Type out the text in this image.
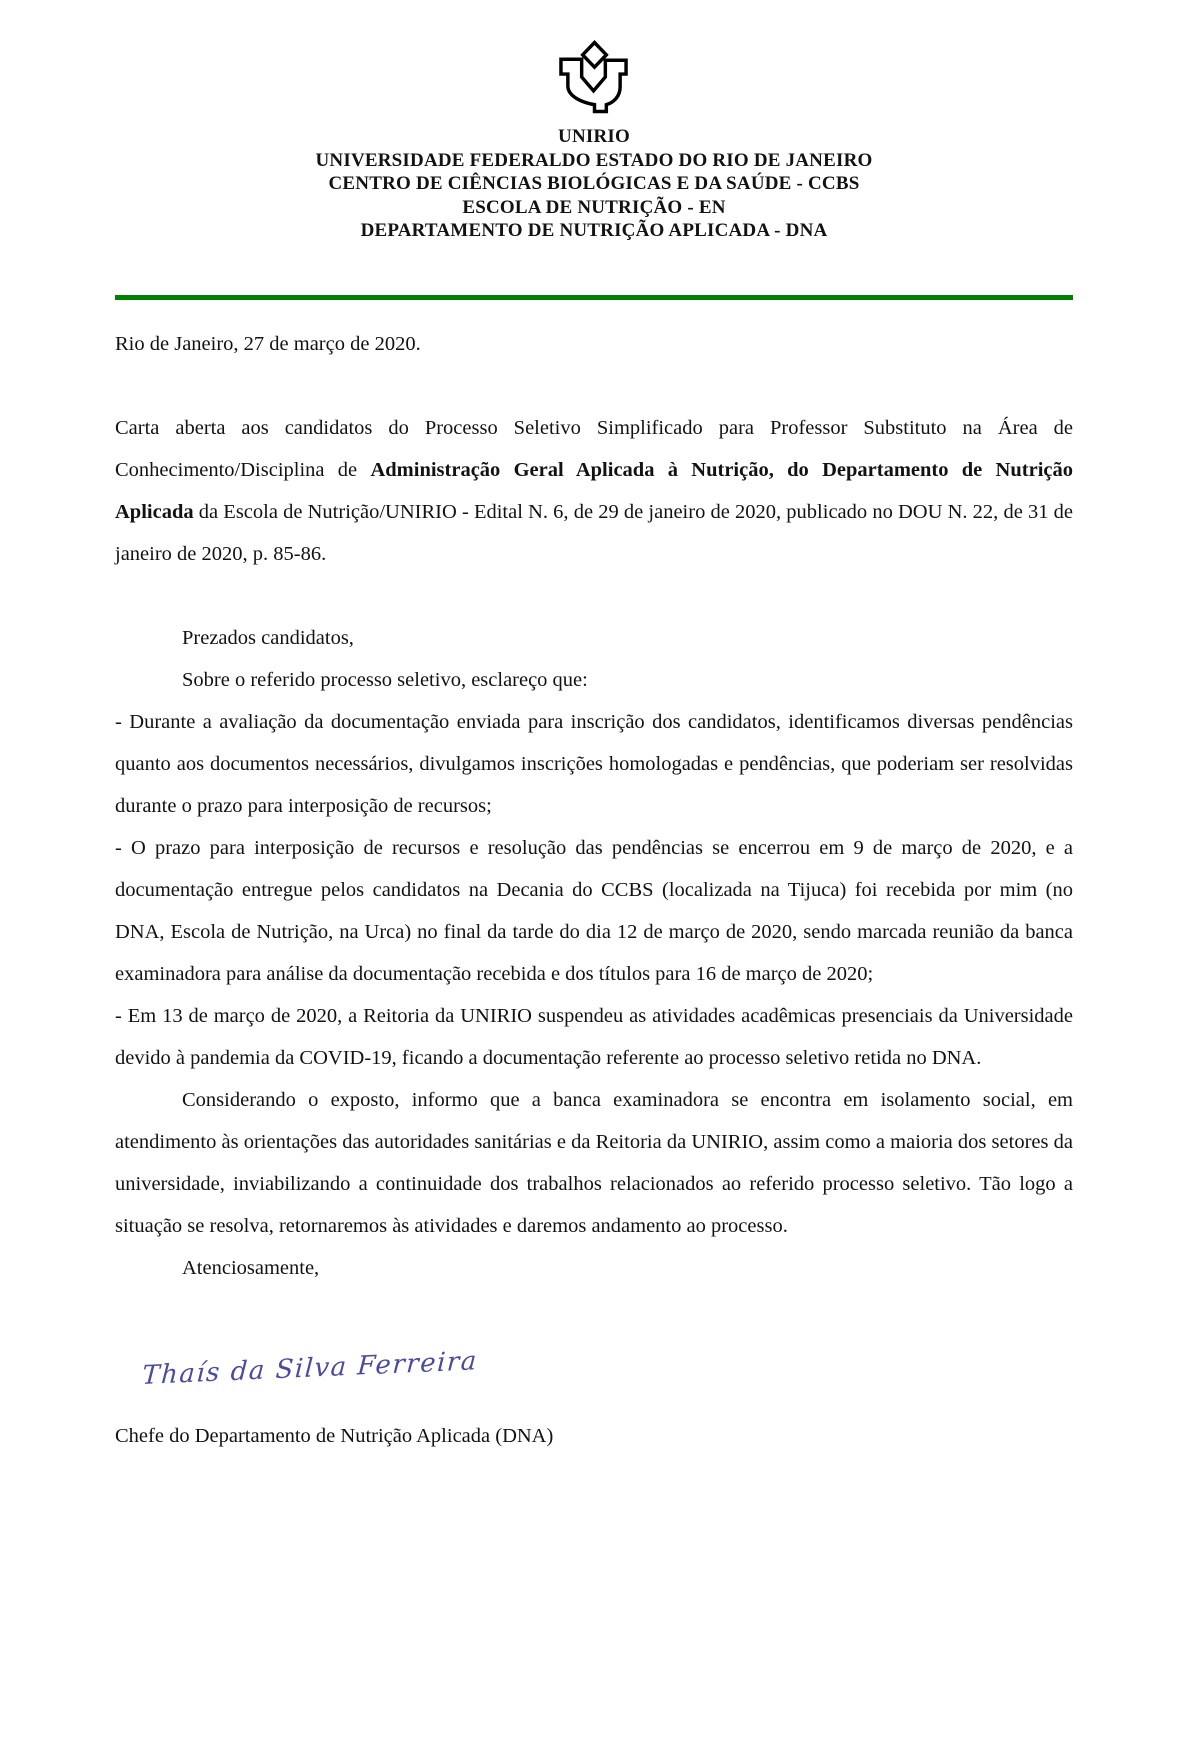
UNIRIO
UNIVERSIDADE FEDERALDO ESTADO DO RIO DE JANEIRO
CENTRO DE CIÊNCIAS BIOLÓGICAS E DA SAÚDE - CCBS
ESCOLA DE NUTRIÇÃO - EN
DEPARTAMENTO DE NUTRIÇÃO APLICADA - DNA
Rio de Janeiro, 27 de março de 2020.

Carta aberta aos candidatos do Processo Seletivo Simplificado para Professor Substituto na Área de Conhecimento/Disciplina de Administração Geral Aplicada à Nutrição, do Departamento de Nutrição Aplicada da Escola de Nutrição/UNIRIO - Edital N. 6, de 29 de janeiro de 2020, publicado no DOU N. 22, de 31 de janeiro de 2020, p. 85-86.

Prezados candidatos,
Sobre o referido processo seletivo, esclareço que:

- Durante a avaliação da documentação enviada para inscrição dos candidatos, identificamos diversas pendências quanto aos documentos necessários, divulgamos inscrições homologadas e pendências, que poderiam ser resolvidas durante o prazo para interposição de recursos;

- O prazo para interposição de recursos e resolução das pendências se encerrou em 9 de março de 2020, e a documentação entregue pelos candidatos na Decania do CCBS (localizada na Tijuca) foi recebida por mim (no DNA, Escola de Nutrição, na Urca) no final da tarde do dia 12 de março de 2020, sendo marcada reunião da banca examinadora para análise da documentação recebida e dos títulos para 16 de março de 2020;

- Em 13 de março de 2020, a Reitoria da UNIRIO suspendeu as atividades acadêmicas presenciais da Universidade devido à pandemia da COVID-19, ficando a documentação referente ao processo seletivo retida no DNA.

Considerando o exposto, informo que a banca examinadora se encontra em isolamento social, em atendimento às orientações das autoridades sanitárias e da Reitoria da UNIRIO, assim como a maioria dos setores da universidade, inviabilizando a continuidade dos trabalhos relacionados ao referido processo seletivo. Tão logo a situação se resolva, retornaremos às atividades e daremos andamento ao processo.

Atenciosamente,
Thaís da Silva Ferreira
Chefe do Departamento de Nutrição Aplicada (DNA)
